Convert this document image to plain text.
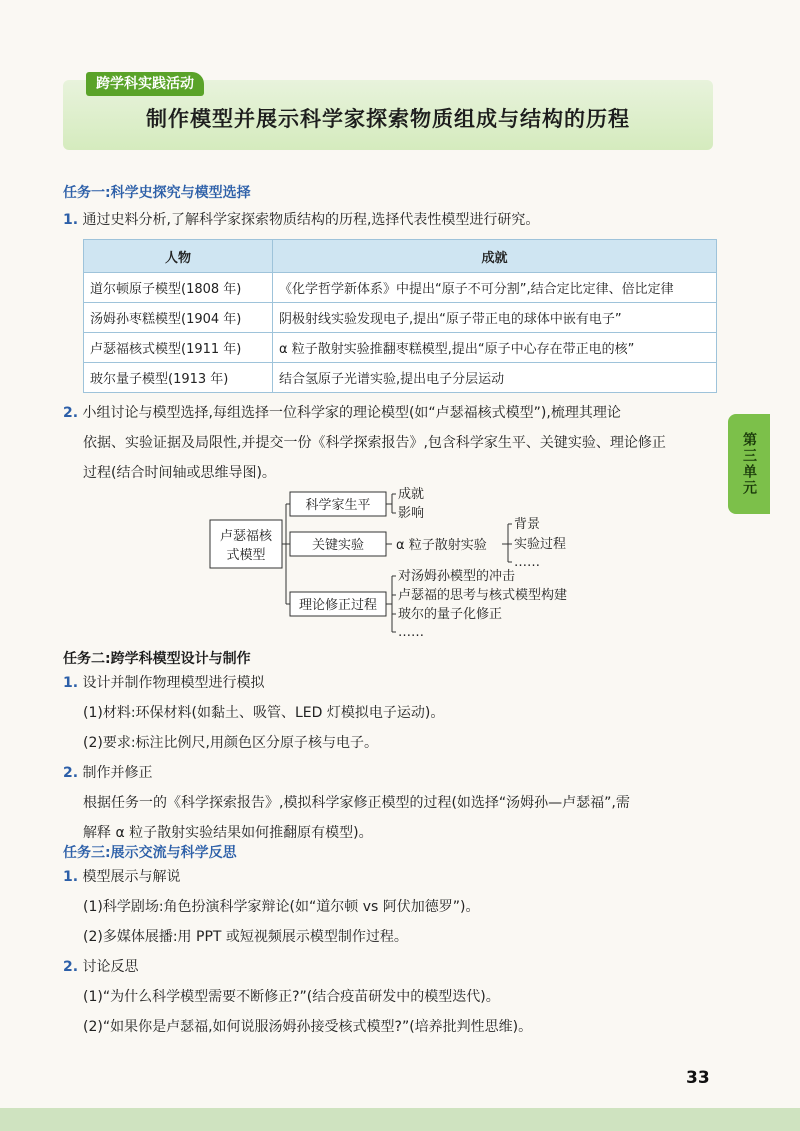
跨学科实践活动
制作模型并展示科学家探索物质组成与结构的历程
任务一:科学史探究与模型选择
1. 通过史料分析,了解科学家探索物质结构的历程,选择代表性模型进行研究。
人物	成就
道尔顿原子模型(1808 年)	《化学哲学新体系》中提出“原子不可分割”,结合定比定律、倍比定律
汤姆孙枣糕模型(1904 年)	阴极射线实验发现电子,提出“原子带正电的球体中嵌有电子”
卢瑟福核式模型(1911 年)	α 粒子散射实验推翻枣糕模型,提出“原子中心存在带正电的核”
玻尔量子模型(1913 年)	结合氢原子光谱实验,提出电子分层运动
2. 小组讨论与模型选择,每组选择一位科学家的理论模型(如“卢瑟福核式模型”),梳理其理论
依据、实验证据及局限性,并提交一份《科学探索报告》,包含科学家生平、关键实验、理论修正
过程(结合时间轴或思维导图)。
卢瑟福核
式模型
科学家生平
成就
影响
关键实验 α 粒子散射实验
背景
实验过程
……
理论修正过程
对汤姆孙模型的冲击
卢瑟福的思考与核式模型构建
玻尔的量子化修正
……
任务二:跨学科模型设计与制作
1. 设计并制作物理模型进行模拟
(1)材料:环保材料(如黏土、吸管、LED 灯模拟电子运动)。
(2)要求:标注比例尺,用颜色区分原子核与电子。
2. 制作并修正
根据任务一的《科学探索报告》,模拟科学家修正模型的过程(如选择“汤姆孙—卢瑟福”,需
解释 α 粒子散射实验结果如何推翻原有模型)。
任务三:展示交流与科学反思
1. 模型展示与解说
(1)科学剧场:角色扮演科学家辩论(如“道尔顿 vs 阿伏加德罗”)。
(2)多媒体展播:用 PPT 或短视频展示模型制作过程。
2. 讨论反思
(1)“为什么科学模型需要不断修正?”(结合疫苗研发中的模型迭代)。
(2)“如果你是卢瑟福,如何说服汤姆孙接受核式模型?”(培养批判性思维)。
第三单元
33
